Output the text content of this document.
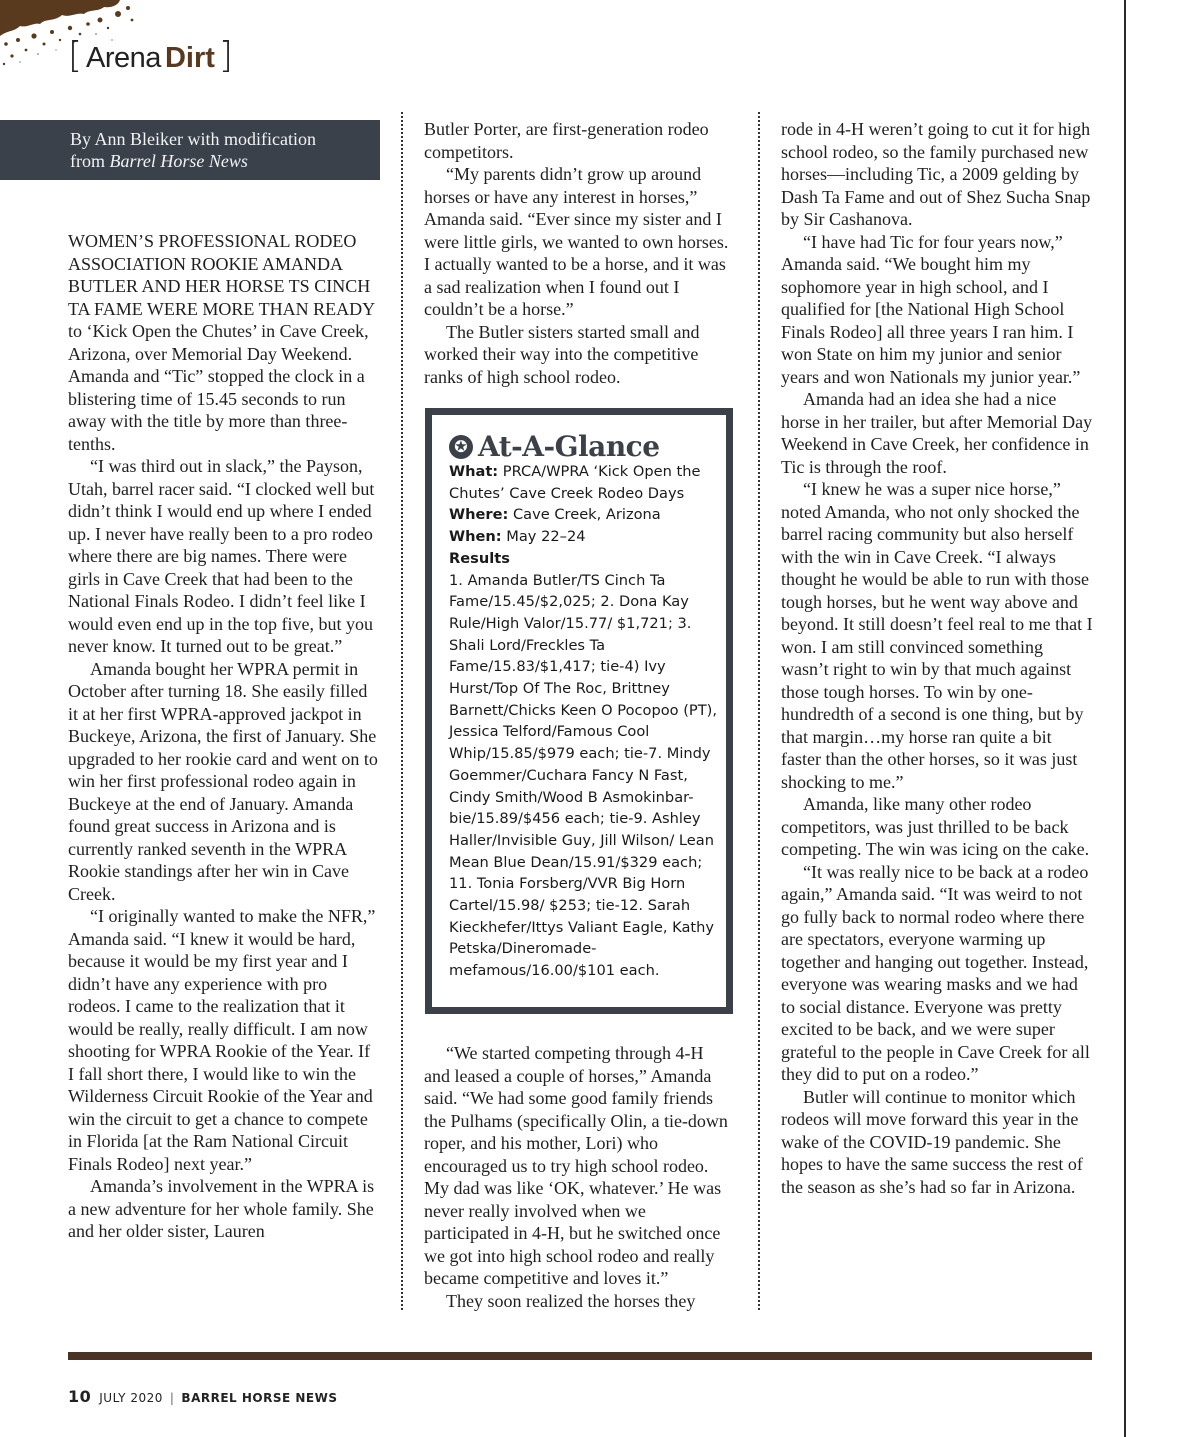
[ Arena Dirt ]
By Ann Bleiker with modification
from Barrel Horse News

WOMEN’S PROFESSIONAL RODEO ASSOCIATION ROOKIE AMANDA BUTLER AND HER HORSE TS CINCH TA FAME WERE MORE THAN READY to ‘Kick Open the Chutes’ in Cave Creek, Arizona, over Memorial Day Weekend. Amanda and “Tic” stopped the clock in a blistering time of 15.45 seconds to run away with the title by more than three-tenths.

“I was third out in slack,” the Payson, Utah, barrel racer said. “I clocked well but didn’t think I would end up where I ended up. I never have really been to a pro rodeo where there are big names. There were girls in Cave Creek that had been to the National Finals Rodeo. I didn’t feel like I would even end up in the top five, but you never know. It turned out to be great.”

Amanda bought her WPRA permit in October after turning 18. She easily filled it at her first WPRA-approved jackpot in Buckeye, Arizona, the first of January. She upgraded to her rookie card and went on to win her first professional rodeo again in Buckeye at the end of January. Amanda found great success in Arizona and is currently ranked seventh in the WPRA Rookie standings after her win in Cave Creek.

“I originally wanted to make the NFR,” Amanda said. “I knew it would be hard, because it would be my first year and I didn’t have any experience with pro rodeos. I came to the realization that it would be really, really difficult. I am now shooting for WPRA Rookie of the Year. If I fall short there, I would like to win the Wilderness Circuit Rookie of the Year and win the circuit to get a chance to compete in Florida [at the Ram National Circuit Finals Rodeo] next year.”

Amanda’s involvement in the WPRA is a new adventure for her whole family. She and her older sister, Lauren

Butler Porter, are first-generation rodeo competitors.

“My parents didn’t grow up around horses or have any interest in horses,” Amanda said. “Ever since my sister and I were little girls, we wanted to own horses. I actually wanted to be a horse, and it was a sad realization when I found out I couldn’t be a horse.”

The Butler sisters started small and worked their way into the competitive ranks of high school rodeo.

✪ At-A-Glance
What: PRCA/WPRA ‘Kick Open the Chutes’ Cave Creek Rodeo Days
Where: Cave Creek, Arizona
When: May 22–24
Results
1. Amanda Butler/TS Cinch Ta Fame/15.45/$2,025; 2. Dona Kay Rule/High Valor/15.77/ $1,721; 3. Shali Lord/Freckles Ta Fame/15.83/$1,417; tie-4) Ivy Hurst/Top Of The Roc, Brittney Barnett/Chicks Keen O Pocopoo (PT), Jessica Telford/Famous Cool Whip/15.85/$979 each; tie-7. Mindy Goemmer/Cuchara Fancy N Fast, Cindy Smith/Wood B Asmokinbar-bie/15.89/$456 each; tie-9. Ashley Haller/Invisible Guy, Jill Wilson/ Lean Mean Blue Dean/15.91/$329 each; 11. Tonia Forsberg/VVR Big Horn Cartel/15.98/ $253; tie-12. Sarah Kieckhefer/Ittys Valiant Eagle, Kathy Petska/Dineromade-mefamous/16.00/$101 each.

“We started competing through 4-H and leased a couple of horses,” Amanda said. “We had some good family friends the Pulhams (specifically Olin, a tie-down roper, and his mother, Lori) who encouraged us to try high school rodeo. My dad was like ‘OK, whatever.’ He was never really involved when we participated in 4-H, but he switched once we got into high school rodeo and really became competitive and loves it.”

They soon realized the horses they

rode in 4-H weren’t going to cut it for high school rodeo, so the family purchased new horses—including Tic, a 2009 gelding by Dash Ta Fame and out of Shez Sucha Snap by Sir Cashanova.

“I have had Tic for four years now,” Amanda said. “We bought him my sophomore year in high school, and I qualified for [the National High School Finals Rodeo] all three years I ran him. I won State on him my junior and senior years and won Nationals my junior year.”

Amanda had an idea she had a nice horse in her trailer, but after Memorial Day Weekend in Cave Creek, her confidence in Tic is through the roof.

“I knew he was a super nice horse,” noted Amanda, who not only shocked the barrel racing community but also herself with the win in Cave Creek. “I always thought he would be able to run with those tough horses, but he went way above and beyond. It still doesn’t feel real to me that I won. I am still convinced something wasn’t right to win by that much against those tough horses. To win by one-hundredth of a second is one thing, but by that margin…my horse ran quite a bit faster than the other horses, so it was just shocking to me.”

Amanda, like many other rodeo competitors, was just thrilled to be back competing. The win was icing on the cake.

“It was really nice to be back at a rodeo again,” Amanda said. “It was weird to not go fully back to normal rodeo where there are spectators, everyone warming up together and hanging out together. Instead, everyone was wearing masks and we had to social distance. Everyone was pretty excited to be back, and we were super grateful to the people in Cave Creek for all they did to put on a rodeo.”

Butler will continue to monitor which rodeos will move forward this year in the wake of the COVID-19 pandemic. She hopes to have the same success the rest of the season as she’s had so far in Arizona.

10 JULY 2020 | BARREL HORSE NEWS
